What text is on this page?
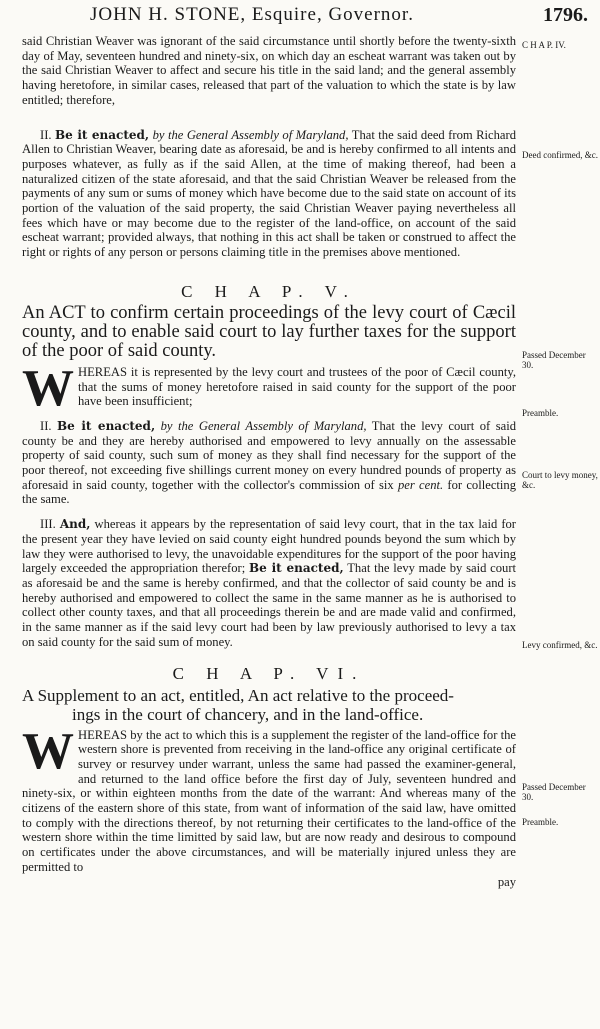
JOHN H. STONE, Esquire, Governor.	1796.
C H A P. IV.
Deed confirmed, &c.
Passed December 30.
Preamble.
Court to levy money, &c.
Levy confirmed, &c.
Passed December 30.
Preamble.

said Christian Weaver was ignorant of the said circumstance until shortly before the twenty-sixth day of May, seventeen hundred and ninety-six, on which day an escheat warrant was taken out by the said Christian Weaver to affect and secure his title in the said land; and the general assembly having heretofore, in similar cases, released that part of the valuation to which the state is by law entitled; therefore,

II. Be it enacted, by the General Assembly of Maryland, That the said deed from Richard Allen to Christian Weaver, bearing date as aforesaid, be and is hereby confirmed to all intents and purposes whatever, as fully as if the said Allen, at the time of making thereof, had been a naturalized citizen of the state aforesaid, and that the said Christian Weaver be released from the payments of any sum or sums of money which have become due to the said state on account of its portion of the valuation of the said property, the said Christian Weaver paying nevertheless all fees which have or may become due to the register of the land-office, on account of the said escheat warrant; provided always, that nothing in this act shall be taken or construed to affect the right or rights of any person or persons claiming title in the premises above mentioned.

C H A P. V.

An ACT to confirm certain proceedings of the levy court of Cæcil county, and to enable said court to lay further taxes for the support of the poor of said county.

W HEREAS it is represented by the levy court and trustees of the poor of Cæcil county, that the sums of money heretofore raised in said county for the support of the poor have been insufficient;

II. Be it enacted, by the General Assembly of Maryland, That the levy court of said county be and they are hereby authorised and empowered to levy annually on the assessable property of said county, such sum of money as they shall find necessary for the support of the poor thereof, not exceeding five shillings current money on every hundred pounds of property as aforesaid in said county, together with the collector's commission of six per cent. for collecting the same.

III. And, whereas it appears by the representation of said levy court, that in the tax laid for the present year they have levied on said county eight hundred pounds beyond the sum which by law they were authorised to levy, the unavoidable expenditures for the support of the poor having largely exceeded the appropriation therefor; Be it enacted, That the levy made by said court as aforesaid be and the same is hereby confirmed, and that the collector of said county be and is hereby authorised and empowered to collect the same in the same manner as he is authorised to collect other county taxes, and that all proceedings therein be and are made valid and confirmed, in the same manner as if the said levy court had been by law previously authorised to levy a tax on said county for the said sum of money.

C H A P. VI.

A Supplement to an act, entitled, An act relative to the proceed-

ings in the court of chancery, and in the land-office.

W HEREAS by the act to which this is a supplement the register of the land-office for the western shore is prevented from receiving in the land-office any original certificate of survey or resurvey under warrant, unless the same had passed the examiner-general, and returned to the land office before the first day of July, seventeen hundred and ninety-six, or within eighteen months from the date of the warrant: And whereas many of the citizens of the eastern shore of this state, from want of information of the said law, have omitted to comply with the directions thereof, by not returning their certificates to the land-office of the western shore within the time limitted by said law, but are now ready and desirous to compound on certificates under the above circumstances, and will be materially injured unless they are permitted to

pay
